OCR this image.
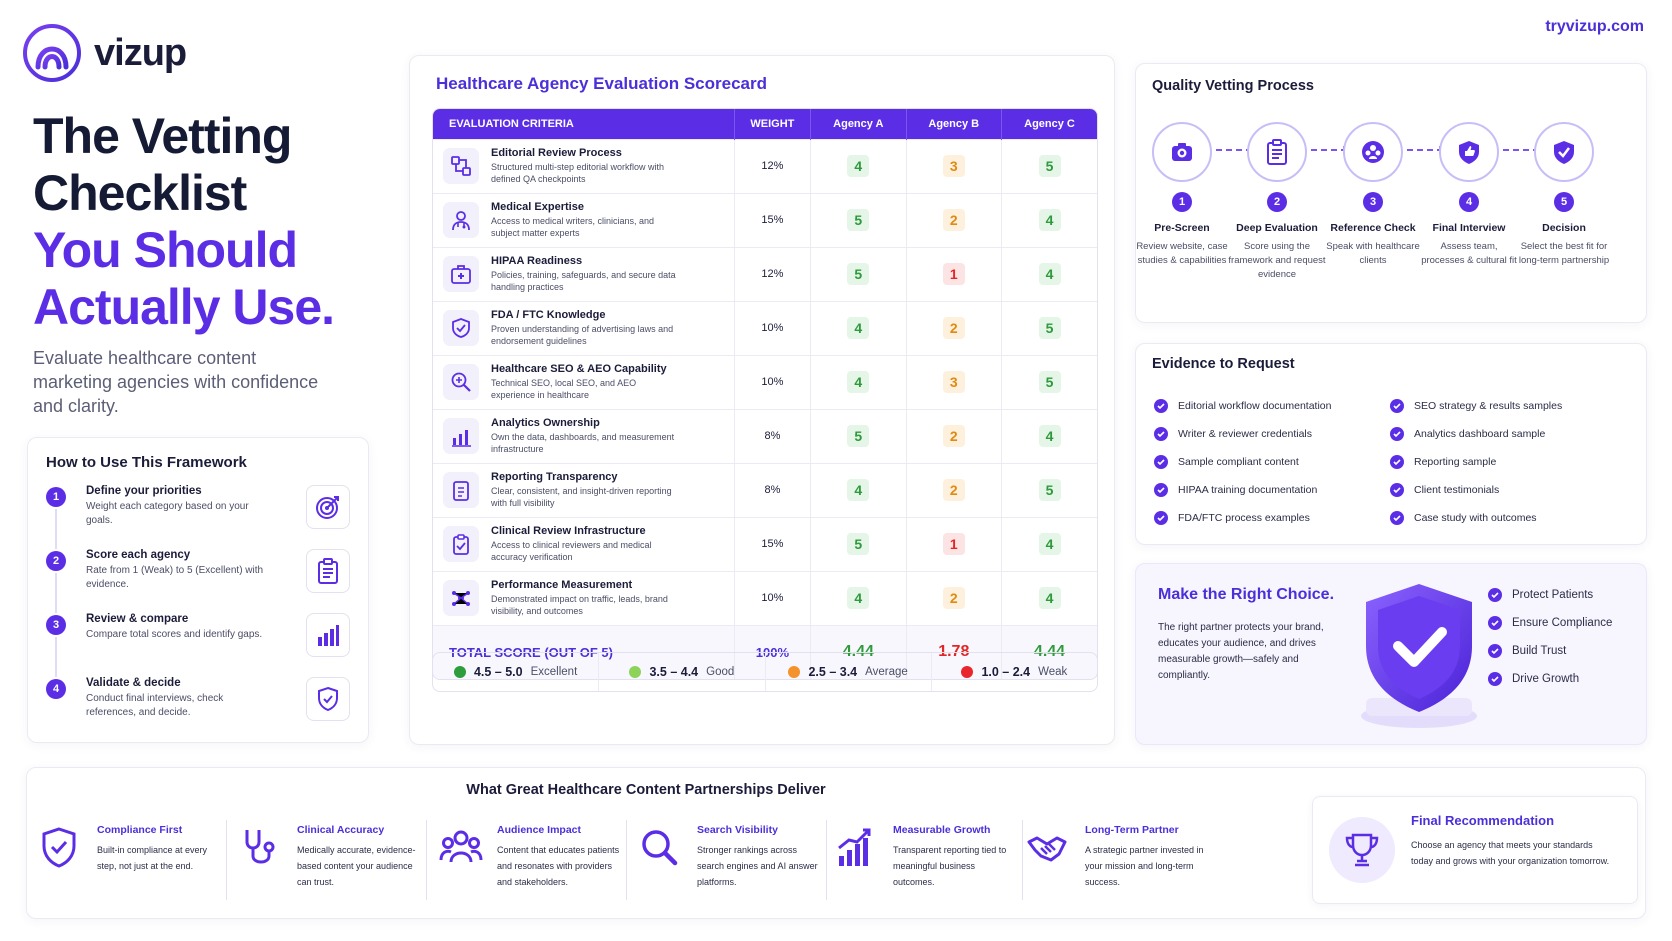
vizup
tryvizup.com
The Vetting
Checklist
You Should
Actually Use.

Evaluate healthcare content marketing agencies with confidence and clarity.

How to Use This Framework
1	Define your priorities
Weight each category based on your goals.
2	Score each agency
Rate from 1 (Weak) to 5 (Excellent) with evidence.
3	Review & compare
Compare total scores and identify gaps.
4	Validate & decide
Conduct final interviews, check references, and decide.
Healthcare Agency Evaluation Scorecard
EVALUATION CRITERIA	WEIGHT	Agency A	Agency B	Agency C

Editorial Review Process
Structured multi-step editorial workflow with defined QA checkpoints	12%	4	3	5

Medical Expertise
Access to medical writers, clinicians, and subject matter experts	15%	5	2	4

HIPAA Readiness
Policies, training, safeguards, and secure data handling practices	12%	5	1	4

FDA / FTC Knowledge
Proven understanding of advertising laws and endorsement guidelines	10%	4	2	5

Healthcare SEO & AEO Capability
Technical SEO, local SEO, and AEO experience in healthcare	10%	4	3	5

Analytics Ownership
Own the data, dashboards, and measurement infrastructure	8%	5	2	4

Reporting Transparency
Clear, consistent, and insight-driven reporting with full visibility	8%	4	2	5

Clinical Review Infrastructure
Access to clinical reviewers and medical accuracy verification	15%	5	1	4

Performance Measurement
Demonstrated impact on traffic, leads, brand visibility, and outcomes	10%	4	2	4
TOTAL SCORE (OUT OF 5)	100%	4.44	1.78	4.44
4.5 – 5.0 Excellent	3.5 – 4.4 Good	2.5 – 3.4 Average	1.0 – 2.4 Weak
Quality Vetting Process
1
Pre-Screen
Review website, case studies & capabilities
2
Deep Evaluation
Score using the framework and request evidence
3
Reference Check
Speak with healthcare clients
4
Final Interview
Assess team, processes & cultural fit
5
Decision
Select the best fit for long-term partnership
Evidence to Request
Editorial workflow documentation
Writer & reviewer credentials
Sample compliant content
HIPAA training documentation
FDA/FTC process examples
SEO strategy & results samples
Analytics dashboard sample
Reporting sample
Client testimonials
Case study with outcomes
Make the Right Choice.
The right partner protects your brand, educates your audience, and drives measurable growth—safely and compliantly.
Protect Patients
Ensure Compliance
Build Trust
Drive Growth
What Great Healthcare Content Partnerships Deliver
Compliance First
Built-in compliance at every step, not just at the end.
Clinical Accuracy
Medically accurate, evidence-based content your audience can trust.
Audience Impact
Content that educates patients and resonates with providers and stakeholders.
Search Visibility
Stronger rankings across search engines and AI answer platforms.
Measurable Growth
Transparent reporting tied to meaningful business outcomes.
Long-Term Partner
A strategic partner invested in your mission and long-term success.
Final Recommendation
Choose an agency that meets your standards today and grows with your organization tomorrow.
